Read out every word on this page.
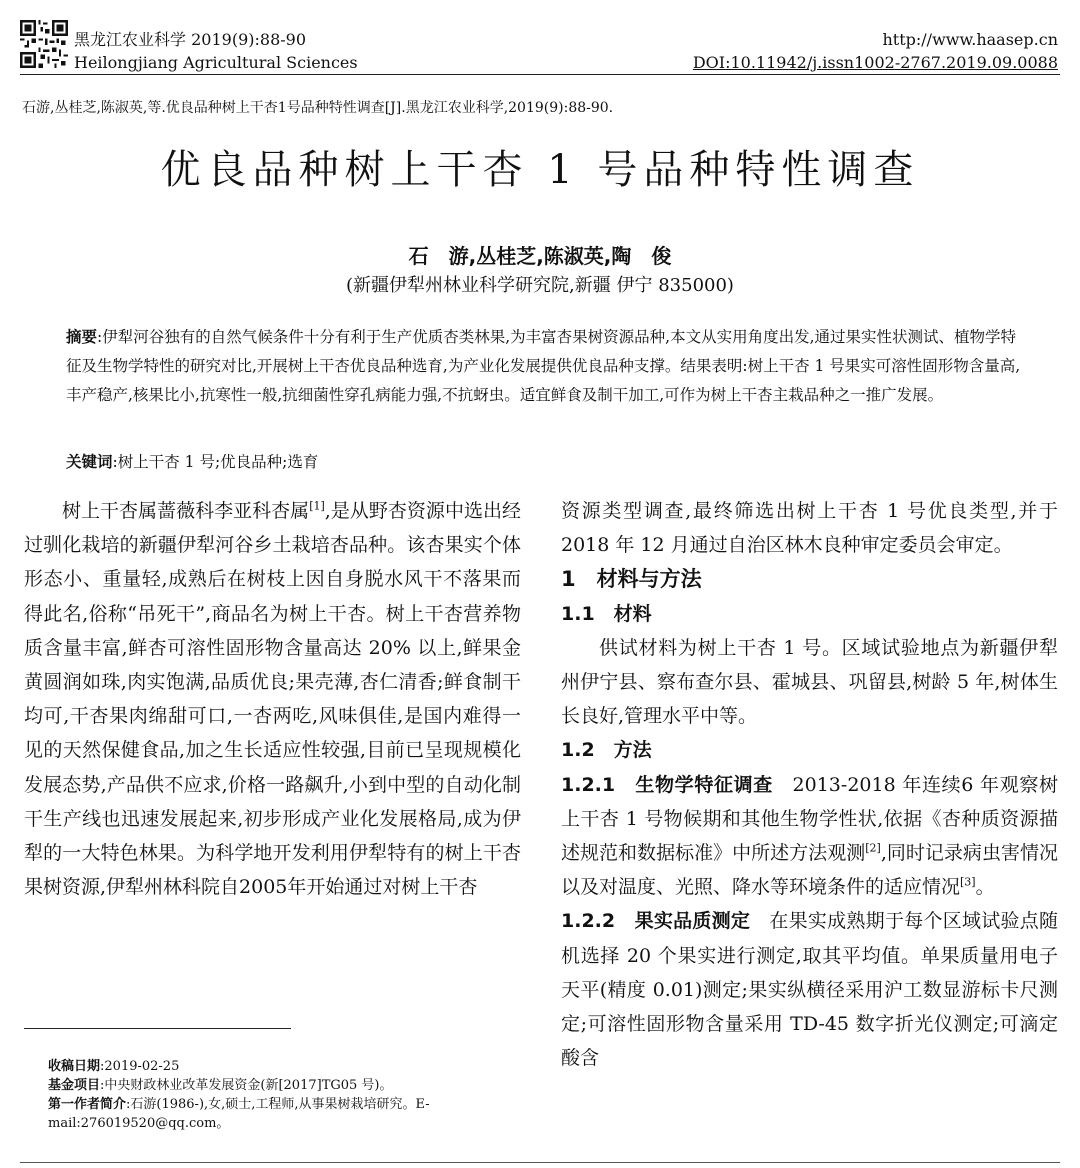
黑龙江农业科学 2019(9):88-90
Heilongjiang Agricultural Sciences
http://www.haasep.cn
DOI:10.11942/j.issn1002-2767.2019.09.0088
石游,丛桂芝,陈淑英,等.优良品种树上干杏1号品种特性调查[J].黑龙江农业科学,2019(9):88-90.
优良品种树上干杏 1 号品种特性调查
石　游,丛桂芝,陈淑英,陶　俊
(新疆伊犁州林业科学研究院,新疆 伊宁 835000)
摘要:伊犁河谷独有的自然气候条件十分有利于生产优质杏类林果,为丰富杏果树资源品种,本文从实用角度出发,通过果实性状测试、植物学特征及生物学特性的研究对比,开展树上干杏优良品种选育,为产业化发展提供优良品种支撑。结果表明:树上干杏 1 号果实可溶性固形物含量高,丰产稳产,核果比小,抗寒性一般,抗细菌性穿孔病能力强,不抗蚜虫。适宜鲜食及制干加工,可作为树上干杏主栽品种之一推广发展。
关键词:树上干杏 1 号;优良品种;选育

树上干杏属蔷薇科李亚科杏属[1],是从野杏资源中选出经过驯化栽培的新疆伊犁河谷乡土栽培杏品种。该杏果实个体形态小、重量轻,成熟后在树枝上因自身脱水风干不落果而得此名,俗称“吊死干”,商品名为树上干杏。树上干杏营养物质含量丰富,鲜杏可溶性固形物含量高达 20% 以上,鲜果金黄圆润如珠,肉实饱满,品质优良;果壳薄,杏仁清香;鲜食制干均可,干杏果肉绵甜可口,一杏两吃,风味俱佳,是国内难得一见的天然保健食品,加之生长适应性较强,目前已呈现规模化发展态势,产品供不应求,价格一路飙升,小到中型的自动化制干生产线也迅速发展起来,初步形成产业化发展格局,成为伊犁的一大特色林果。为科学地开发利用伊犁特有的树上干杏果树资源,伊犁州林科院自2005年开始通过对树上干杏

收稿日期:2019-02-25
基金项目:中央财政林业改革发展资金(新[2017]TG05 号)。
第一作者简介:石游(1986-),女,硕士,工程师,从事果树栽培研究。E-mail:276019520@qq.com。

资源类型调查,最终筛选出树上干杏 1 号优良类型,并于 2018 年 12 月通过自治区林木良种审定委员会审定。

1　材料与方法

1.1　材料

供试材料为树上干杏 1 号。区域试验地点为新疆伊犁州伊宁县、察布查尔县、霍城县、巩留县,树龄 5 年,树体生长良好,管理水平中等。

1.2　方法

1.2.1　生物学特征调查　2013-2018 年连续6 年观察树上干杏 1 号物候期和其他生物学性状,依据《杏种质资源描述规范和数据标准》中所述方法观测[2],同时记录病虫害情况以及对温度、光照、降水等环境条件的适应情况[3]。

1.2.2　果实品质测定　在果实成熟期于每个区域试验点随机选择 20 个果实进行测定,取其平均值。单果质量用电子天平(精度 0.01)测定;果实纵横径采用沪工数显游标卡尺测定;可溶性固形物含量采用 TD-45 数字折光仪测定;可滴定酸含
